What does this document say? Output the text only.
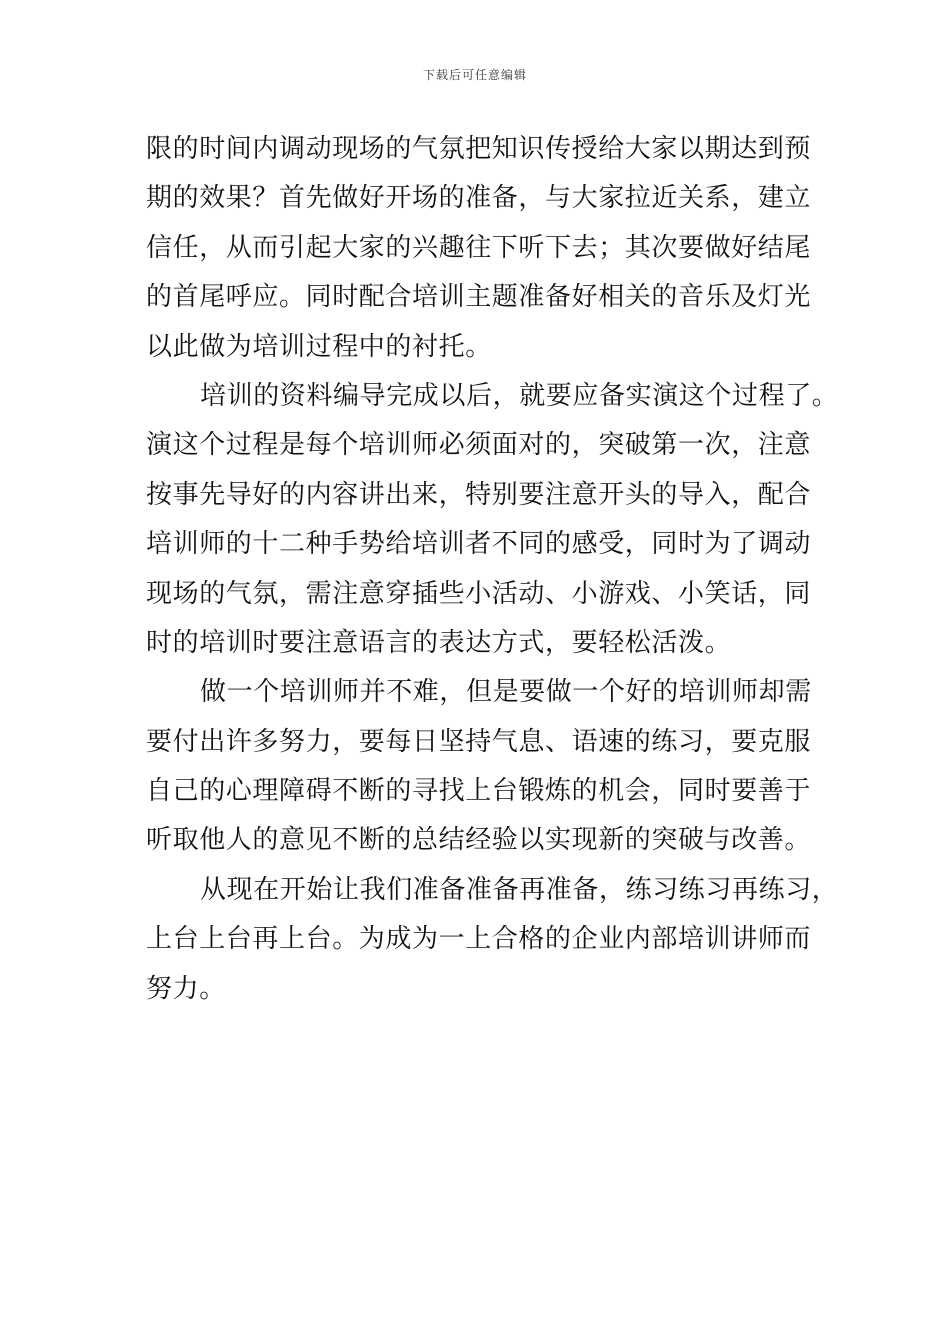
下载后可任意编辑
限的时间内调动现场的气氛把知识传授给大家以期达到预
期的效果？首先做好开场的准备，与大家拉近关系，建立
信任，从而引起大家的兴趣往下听下去；其次要做好结尾
的首尾呼应。同时配合培训主题准备好相关的音乐及灯光
以此做为培训过程中的衬托。
培训的资料编导完成以后，就要应备实演这个过程了。
演这个过程是每个培训师必须面对的，突破第一次，注意
按事先导好的内容讲出来，特别要注意开头的导入，配合
培训师的十二种手势给培训者不同的感受，同时为了调动
现场的气氛，需注意穿插些小活动、小游戏、小笑话，同
时的培训时要注意语言的表达方式，要轻松活泼。
做一个培训师并不难，但是要做一个好的培训师却需
要付出许多努力，要每日坚持气息、语速的练习，要克服
自己的心理障碍不断的寻找上台锻炼的机会，同时要善于
听取他人的意见不断的总结经验以实现新的突破与改善。
从现在开始让我们准备准备再准备，练习练习再练习，
上台上台再上台。为成为一上合格的企业内部培训讲师而
努力。
